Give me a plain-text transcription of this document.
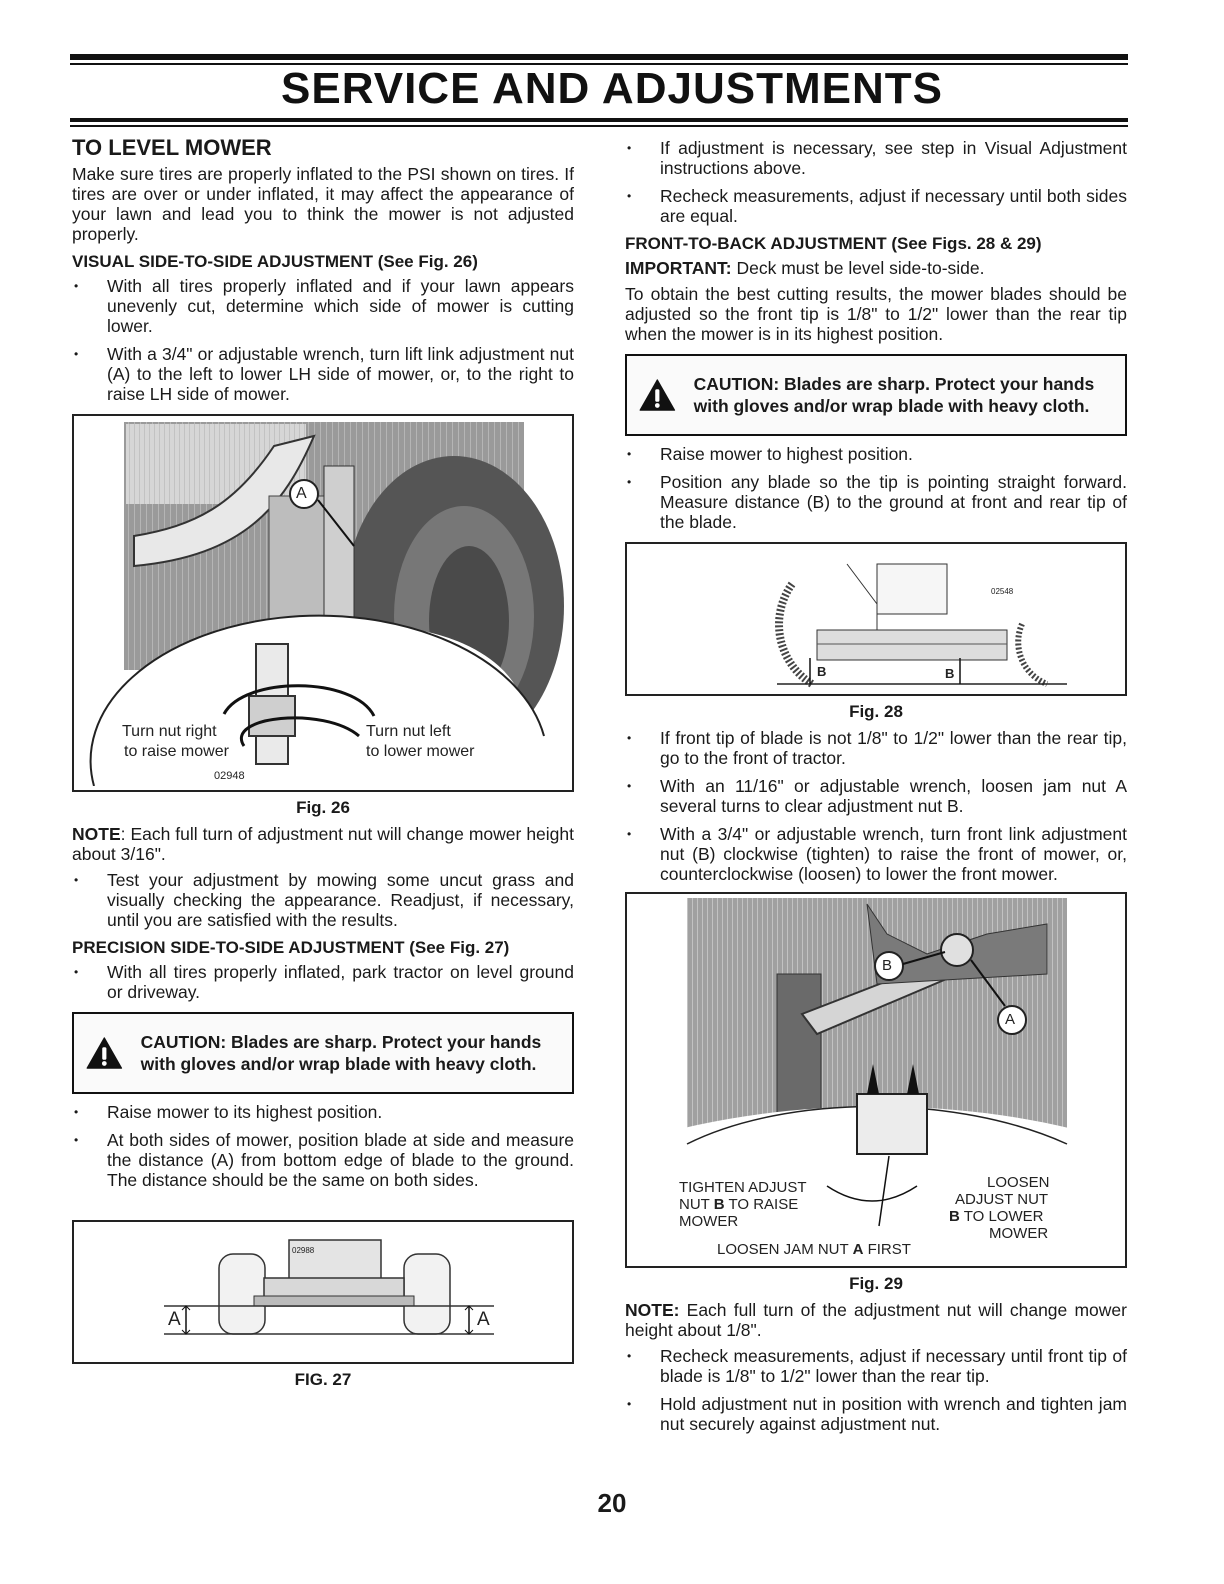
SERVICE AND ADJUSTMENTS
TO LEVEL MOWER

Make sure tires are properly inflated to the PSI shown on tires. If tires are over or under inflated, it may affect the appearance of your lawn and lead you to think the mower is not adjusted properly.

VISUAL SIDE-TO-SIDE ADJUSTMENT (See Fig. 26)
• With all tires properly inflated and if your lawn appears unevenly cut, determine which side of mower is cutting lower.
• With a 3/4" or adjustable wrench, turn lift link adjustment nut (A) to the left to lower LH side of mower, or, to the right to raise LH side of mower.
A
Turn nut right
to raise mower
Turn nut left
to lower mower
02948
Fig. 26

NOTE: Each full turn of adjustment nut will change mower height about 3/16".

• Test your adjustment by mowing some uncut grass and visually checking the appearance. Readjust, if necessary, until you are satisfied with the results.
PRECISION SIDE-TO-SIDE ADJUSTMENT (See Fig. 27)
• With all tires properly inflated, park tractor on level ground or driveway.
CAUTION: Blades are sharp. Protect your hands with gloves and/or wrap blade with heavy cloth.
• Raise mower to its highest position.
• At both sides of mower, position blade at side and measure the distance (A) from bottom edge of blade to the ground. The distance should be the same on both sides.
A	A
02988
FIG. 27
• If adjustment is necessary, see step in Visual Adjustment instructions above.
• Recheck measurements, adjust if necessary until both sides are equal.
FRONT-TO-BACK ADJUSTMENT (See Figs. 28 & 29)

IMPORTANT: Deck must be level side-to-side.

To obtain the best cutting results, the mower blades should be adjusted so the front tip is 1/8" to 1/2" lower than the rear tip when the mower is in its highest position.

CAUTION: Blades are sharp. Protect your hands with gloves and/or wrap blade with heavy cloth.
• Raise mower to highest position.
• Position any blade so the tip is pointing straight forward. Measure distance (B) to the ground at front and rear tip of the blade.
B	B
02548
Fig. 28
• If front tip of blade is not 1/8" to 1/2" lower than the rear tip, go to the front of tractor.
• With an 11/16" or adjustable wrench, loosen jam nut A several turns to clear adjustment nut B.
• With a 3/4" or adjustable wrench, turn front link adjustment nut (B) clockwise (tighten) to raise the front of mower, or, counterclockwise (loosen) to lower the front mower.
B
A
TIGHTEN ADJUST
NUT B TO RAISE
MOWER
LOOSEN
ADJUST NUT
B TO LOWER
MOWER
LOOSEN JAM NUT A FIRST
Fig. 29

NOTE: Each full turn of the adjustment nut will change mower height about 1/8".

• Recheck measurements, adjust if necessary until front tip of blade is 1/8" to 1/2" lower than the rear tip.
• Hold adjustment nut in position with wrench and tighten jam nut securely against adjustment nut.
20
